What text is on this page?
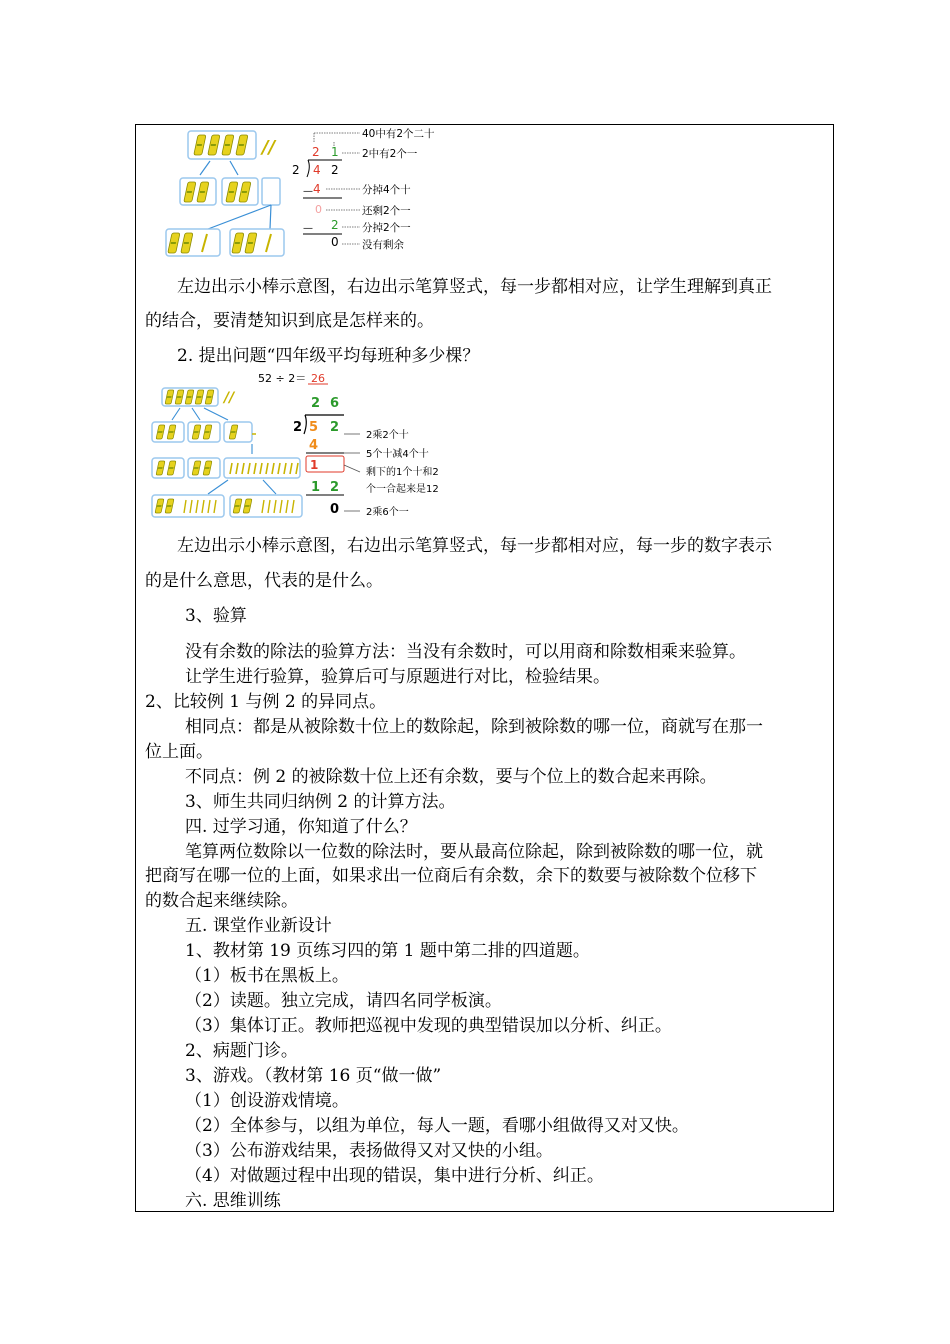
//	2 1
2 4 2
— 4
0
— 2
0
40中有2个二十
2中有2个一
分掉4个十
还剩2个一
分掉2个一
没有剩余
左边出示小棒示意图，右边出示笔算竖式，每一步都相对应，让学生理解到真正
的结合，要清楚知识到底是怎样来的。
2. 提出问题“四年级平均每班种多少棵？
52 ÷ 2＝ 26
//	2 6
2 5 2
4
1
1 2
0
2乘2个十
5个十减4个十
剩下的1个十和2
个一合起来是12
2乘6个一
左边出示小棒示意图，右边出示笔算竖式，每一步都相对应，每一步的数字表示
的是什么意思，代表的是什么。
3、验算
没有余数的除法的验算方法：当没有余数时，可以用商和除数相乘来验算。
让学生进行验算，验算后可与原题进行对比，检验结果。
2、比较例 1 与例 2 的异同点。
相同点：都是从被除数十位上的数除起，除到被除数的哪一位，商就写在那一
位上面。
不同点：例 2 的被除数十位上还有余数，要与个位上的数合起来再除。
3、师生共同归纳例 2 的计算方法。
四. 过学习通，你知道了什么？
笔算两位数除以一位数的除法时，要从最高位除起，除到被除数的哪一位，就
把商写在哪一位的上面，如果求出一位商后有余数，余下的数要与被除数个位移下
的数合起来继续除。
五. 课堂作业新设计
1、教材第 19 页练习四的第 1 题中第二排的四道题。
（1）板书在黑板上。
（2）读题。独立完成，请四名同学板演。
（3）集体订正。教师把巡视中发现的典型错误加以分析、纠正。
2、病题门诊。
3、游戏。（教材第 16 页“做一做”
（1）创设游戏情境。
（2）全体参与，以组为单位，每人一题，看哪小组做得又对又快。
（3）公布游戏结果，表扬做得又对又快的小组。
（4）对做题过程中出现的错误，集中进行分析、纠正。
六. 思维训练
